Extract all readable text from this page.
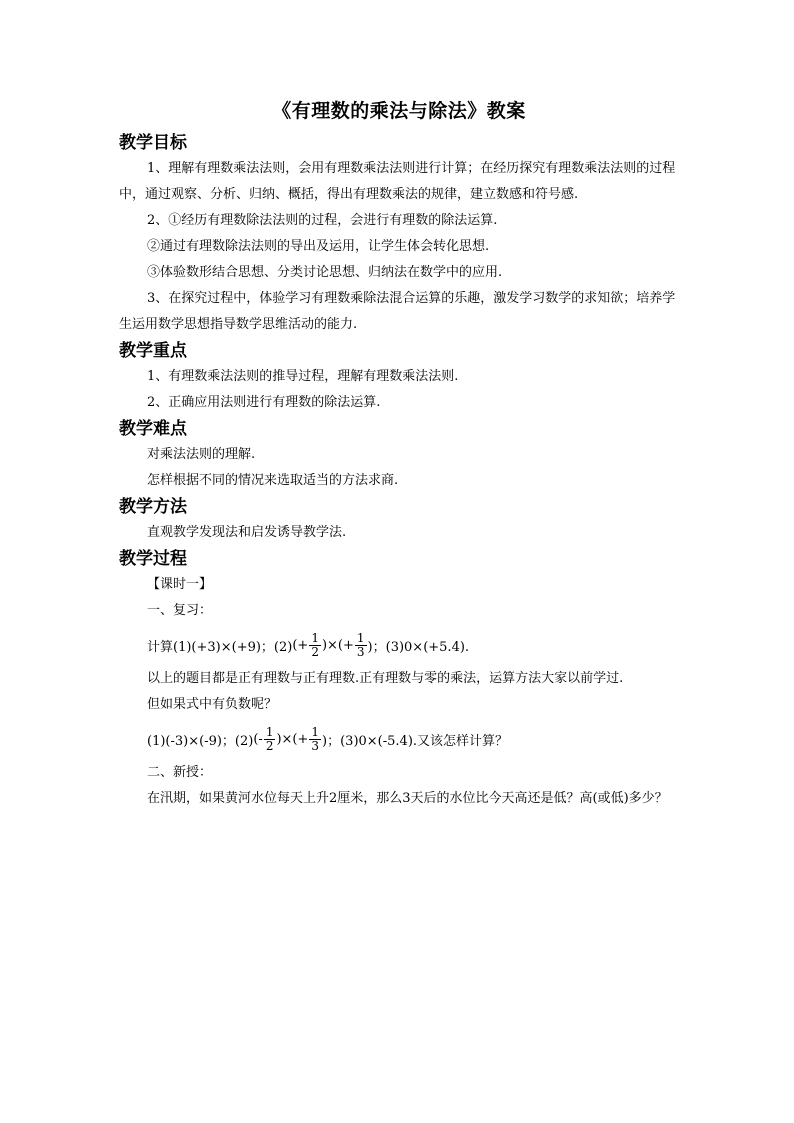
《有理数的乘法与除法》教案
教学目标

1、理解有理数乘法法则，会用有理数乘法法则进行计算；在经历探究有理数乘法法则的过程中，通过观察、分析、归纳、概括，得出有理数乘法的规律，建立数感和符号感.

2、①经历有理数除法法则的过程，会进行有理数的除法运算.

②通过有理数除法法则的导出及运用，让学生体会转化思想.

③体验数形结合思想、分类讨论思想、归纳法在数学中的应用.

3、在探究过程中，体验学习有理数乘除法混合运算的乐趣，激发学习数学的求知欲；培养学生运用数学思想指导数学思维活动的能力.

教学重点

1、有理数乘法法则的推导过程，理解有理数乘法法则.

2、正确应用法则进行有理数的除法运算.

教学难点

对乘法法则的理解.

怎样根据不同的情况来选取适当的方法求商.

教学方法

直观教学发现法和启发诱导教学法.

教学过程

【课时一】

一、复习：

计算 (1)(+3)×(+9)；(2) (+ $\frac{1}{2}$ )×(+ $\frac{1}{3}$ )；(3)0×(+5.4).

以上的题目都是正有理数与正有理数.正有理数与零的乘法，运算方法大家以前学过.

但如果式中有负数呢？

(1)(-3)×(-9)；(2) (- $\frac{1}{2}$ )×(+ $\frac{1}{3}$ )；(3)0×(-5.4).又该怎样计算？

二、新授：

在汛期，如果黄河水位每天上升2厘米，那么3天后的水位比今天高还是低？高(或低)多少？
